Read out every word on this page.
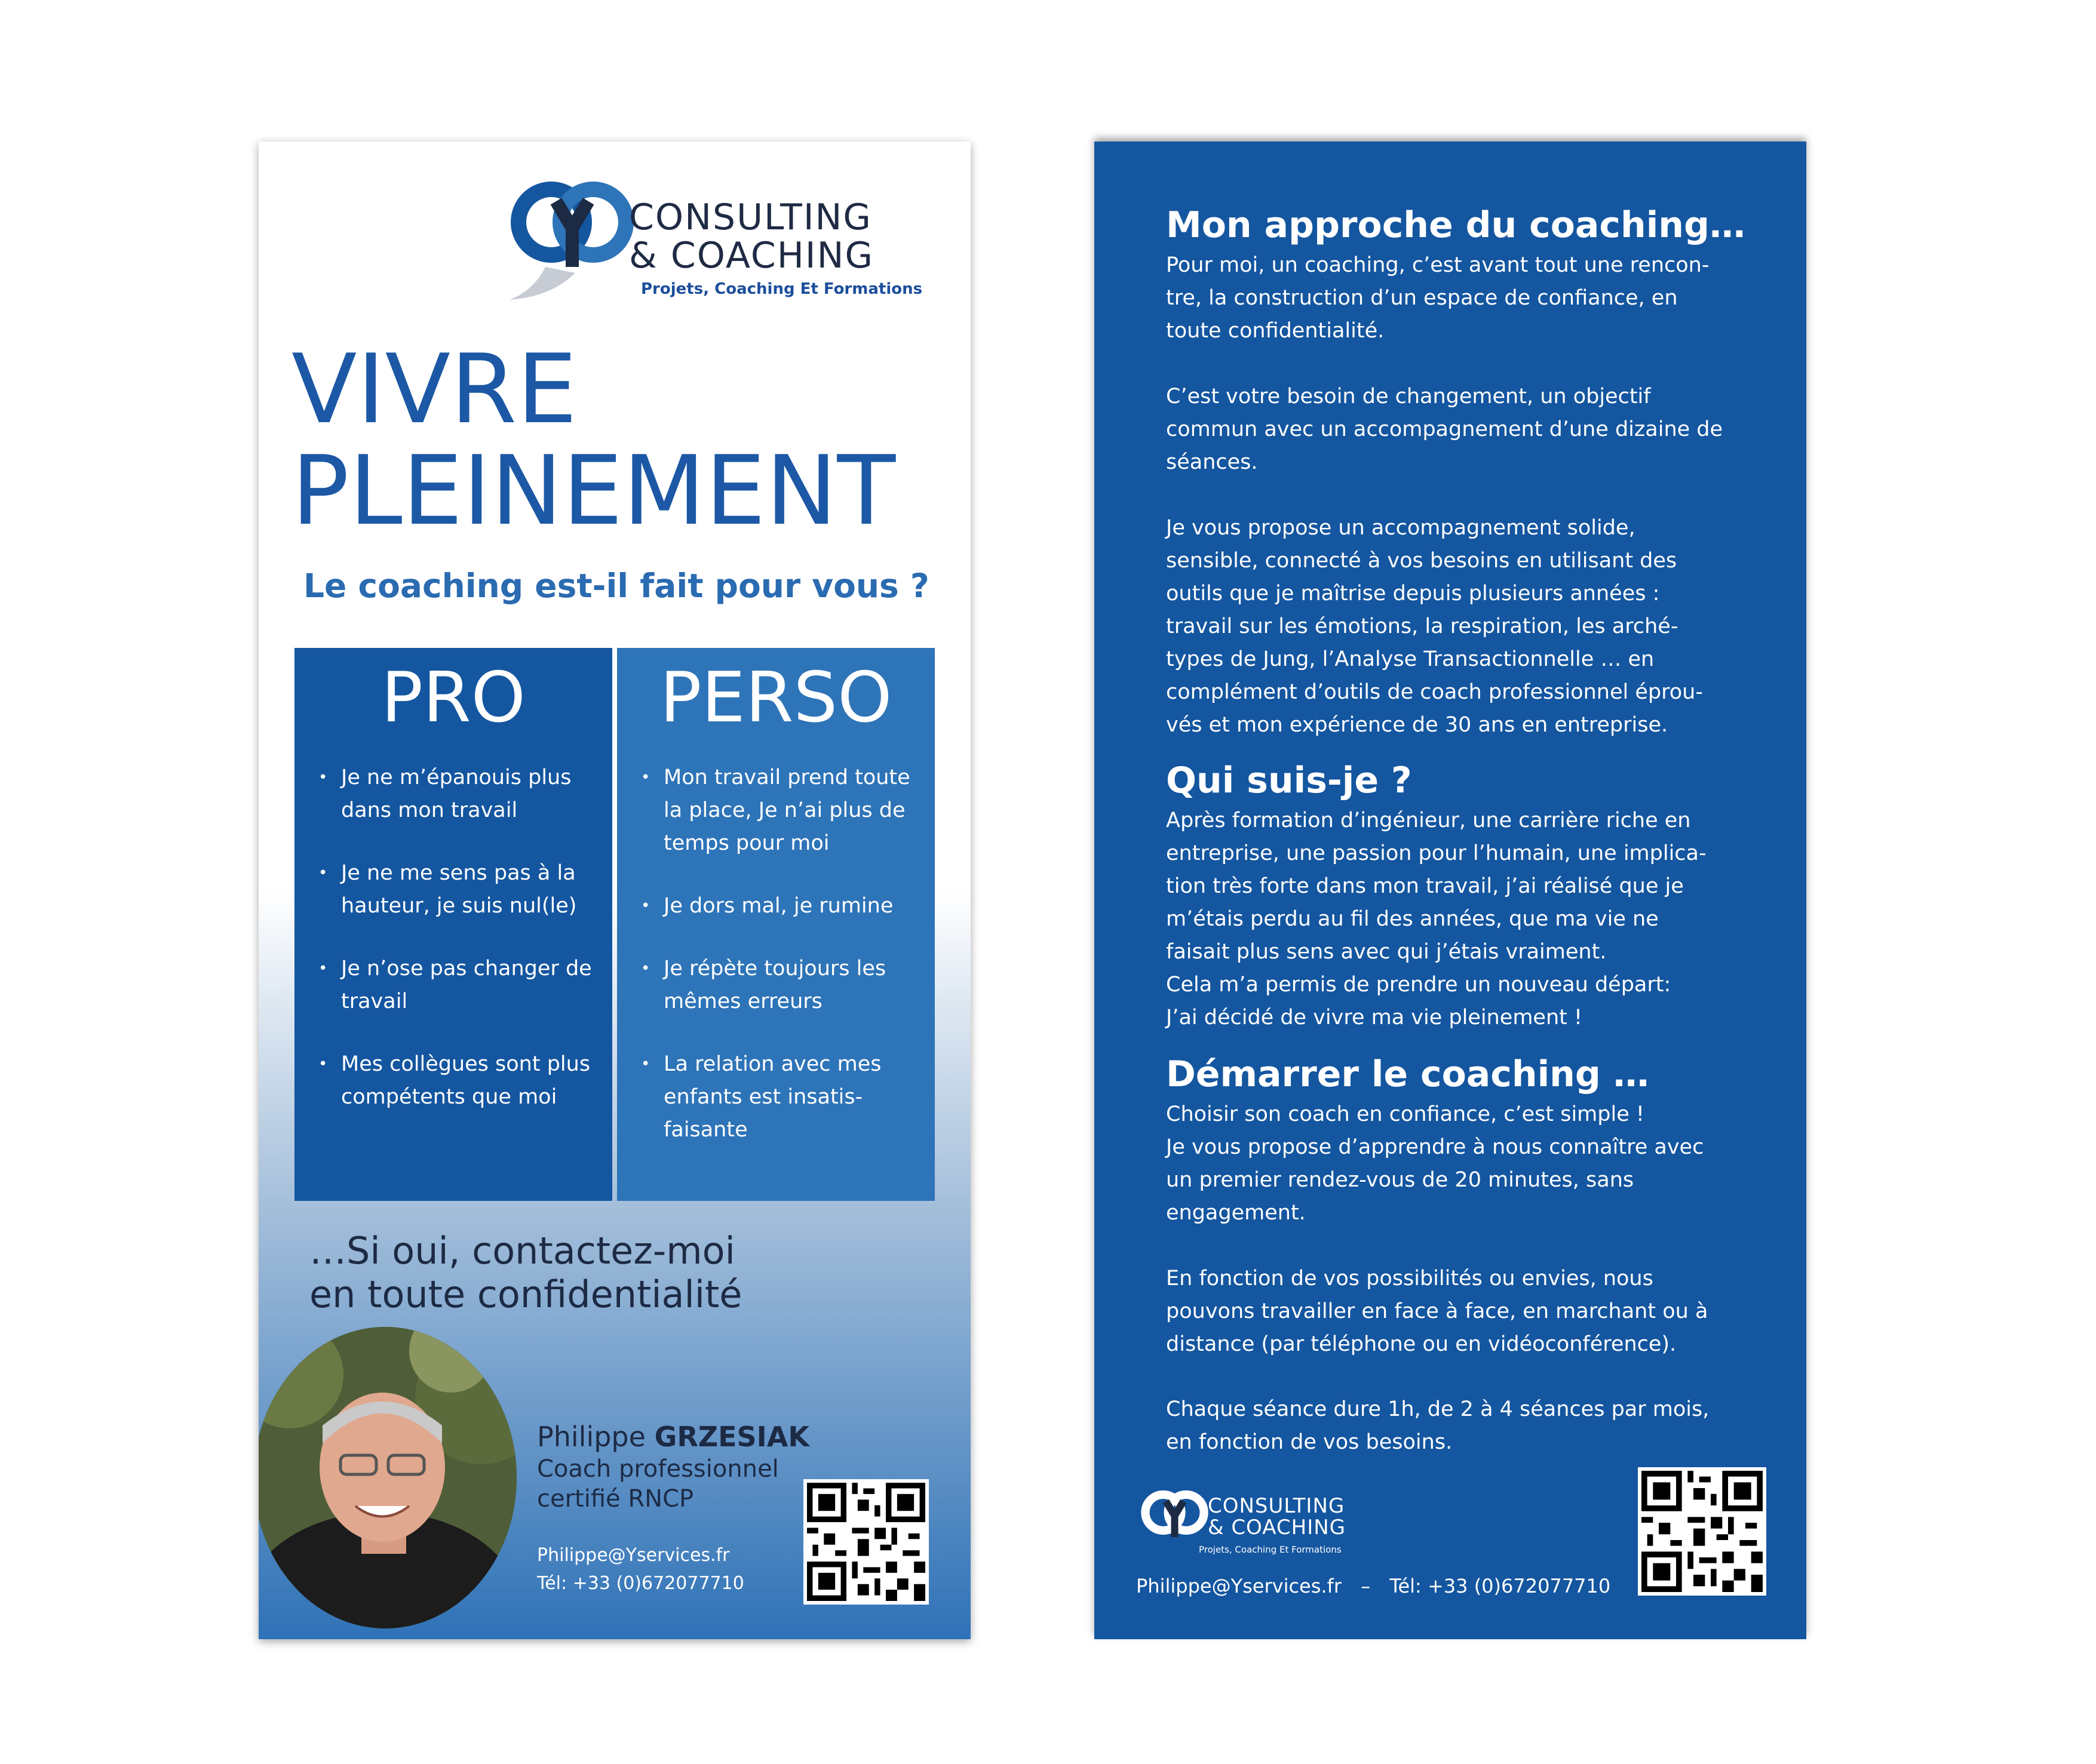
CONSULTING
& COACHING
Projets, Coaching Et Formations
VIVRE
PLEINEMENT
Le coaching est-il fait pour vous ?
PRO
• Je ne m’épanouis plus dans mon travail
• Je ne me sens pas à la hauteur, je suis nul(le)
• Je n’ose pas changer de travail
• Mes collègues sont plus compétents que moi
PERSO
• Mon travail prend toute la place, Je n’ai plus de temps pour moi
• Je dors mal, je rumine
• Je répète toujours les mêmes erreurs
• La relation avec mes enfants est insatis-faisante
…Si oui, contactez-moi
en toute confidentialité
Philippe GRZESIAK
Coach professionnel
certifié RNCP
Philippe@Yservices.fr
Tél: +33 (0)672077710
Mon approche du coaching…

Pour moi, un coaching, c’est avant tout une rencon-
tre, la construction d’un espace de confiance, en
toute confidentialité.

C’est votre besoin de changement, un objectif
commun avec un accompagnement d’une dizaine de
séances.

Je vous propose un accompagnement solide,
sensible, connecté à vos besoins en utilisant des
outils que je maîtrise depuis plusieurs années :
travail sur les émotions, la respiration, les arché-
types de Jung, l’Analyse Transactionnelle … en
complément d’outils de coach professionnel éprou-
vés et mon expérience de 30 ans en entreprise.

Qui suis-je ?

Après formation d’ingénieur, une carrière riche en
entreprise, une passion pour l’humain, une implica-
tion très forte dans mon travail, j’ai réalisé que je
m’étais perdu au fil des années, que ma vie ne
faisait plus sens avec qui j’étais vraiment.
Cela m’a permis de prendre un nouveau départ:
J’ai décidé de vivre ma vie pleinement !

Démarrer le coaching …

Choisir son coach en confiance, c’est simple !
Je vous propose d’apprendre à nous connaître avec
un premier rendez-vous de 20 minutes, sans
engagement.

En fonction de vos possibilités ou envies, nous
pouvons travailler en face à face, en marchant ou à
distance (par téléphone ou en vidéoconférence).

Chaque séance dure 1h, de 2 à 4 séances par mois,
en fonction de vos besoins.

CONSULTING
& COACHING
Projets, Coaching Et Formations
Philippe@Yservices.fr – Tél: +33 (0)672077710
